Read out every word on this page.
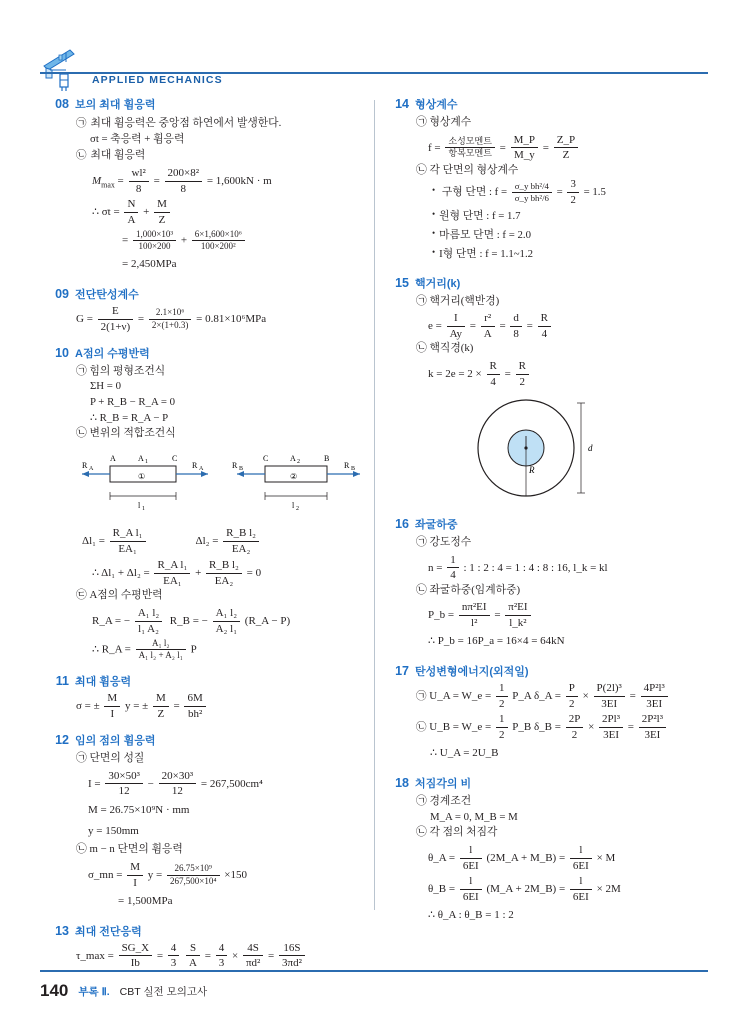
APPLIED MECHANICS
08 보의 최대 휨응력
㉠ 최대 휨응력은 중앙점 하연에서 발생한다.
σt = 축응력 + 휨응력
㉡ 최대 휨응력
$M_{max} = \frac{\text{wl²}}{8} = \frac{\text{200×8²}}{8} = 1,600kN \cdot m$
∴ $\sigma t = \frac{N}{A} + \frac{M}{Z}$
= $\frac{\text{1,000×10³}}{100\times 200} + \frac{\text{6×1,600×10⁶}}{\text{100×200²}}$
= 2,450MPa
09 전단탄성계수
$G = \frac{E}{2(1+\nu)} = \frac{\text{2.1×10⁶}}{2\times(1+0.3)} = 0.81\times 10^6MPa$
10 A점의 수평반력
㉠ 힘의 평형조건식
ΣH = 0
P + R_B − R_A = 0
∴ R_B = R_A − P
㉡ 변위의 적합조건식
R A
A	A 1	C
R A
①
l 1
R B
C	A 2	B
R B
②
l 2
$\Delta l_1 = \frac{\text{R\_A l₁}}{\text{EA₁}}$	$\Delta l_2 = \frac{\text{R\_B l₂}}{\text{EA₂}}$
∴ $\Delta l_1 + \Delta l_2 = \frac{\text{R\_A l₁}}{\text{EA₁}} + \frac{\text{R\_B l₂}}{\text{EA₂}} = 0$
㉢ A점의 수평반력
R_A = − $\frac{\text{A₁ l₂}}{\text{l₁ A₂}}$ R_B = − $\frac{\text{A₁ l₂}}{\text{A₂ l₁}}$ (R_A − P)
∴ R_A = $\frac{\text{A₁ l₂}}{\text{A₁ l₂ + A₂ l₁}}$ P
11 최대 휨응력
σ = ± $\frac{M}{I}$ y = ± $\frac{M}{Z} = \frac{6M}{\text{bh²}}$
12 임의 점의 휨응력
㉠ 단면의 성질
$I = \frac{\text{30×50³}}{12} - \frac{\text{20×30³}}{12} = 267,500cm^4$
M = 26.75×10⁹N · mm
y = 150mm
㉡ m − n 단면의 휨응력
σ_mn = $\frac{M}{I}$ $y = \frac{\text{26.75×10⁹}}{\text{267,500×10⁴}} \times 150$
= 1,500MPa
13 최대 전단응력
τ_max = $\frac{SG\_X}{Ib} = \frac{4}{3}$
$\frac{S}{A} = \frac{4}{3} \times \frac{4S}{\text{πd²}} = \frac{16S}{\text{3πd²}}$
14 형상계수
㉠ 형상계수
$f = \frac{\text{소성모멘트}}{\text{항복모멘트}} = \frac{M\_P}{M\_y} = \frac{Z\_P}{Z}$
㉡ 각 단면의 형상계수
• 구형 단면 : $f = \frac{\text{σ\_y bh²/4}}{\text{σ\_y bh²/6}} = \frac{3}{2} = 1.5$
• 원형 단면 : f = 1.7
• 마름모 단면 : f = 2.0
• I형 단면 : f = 1.1~1.2
15 핵거리(k)
㉠ 핵거리(핵반경)
$e = \frac{I}{Ay} = \frac{\text{r²}}{A} = \frac{d}{8} = \frac{R}{4}$
㉡ 핵직경(k)
$k = 2e = 2 \times \frac{R}{4} = \frac{R}{2}$
R
d
16 좌굴하중
㉠ 강도정수
$n = \frac{1}{4}$ : 1 : 2 : 4 = 1 : 4 : 8 : 16, l_k = kl
㉡ 좌굴하중(임계하중)
P_b = $\frac{\text{nπ²EI}}{\text{l²}} = \frac{\text{π²EI}}{\text{l\_k²}}$
∴ P_b = 16P_a = 16×4 = 64kN
17 탄성변형에너지(외적일)
㉠ U_A = W_e = $\frac{1}{2}$ P_A δ_A = $\frac{P}{2} \times \frac{\text{P(2l)³}}{3EI} = \frac{\text{4P²l³}}{3EI}$
㉡ U_B = W_e = $\frac{1}{2}$ P_B δ_B = $\frac{2P}{2} \times \frac{\text{2Pl³}}{3EI} = \frac{\text{2P²l³}}{3EI}$
∴ U_A = 2U_B
18 처짐각의 비
㉠ 경계조건
M_A = 0, M_B = M
㉡ 각 점의 처짐각
θ_A = $\frac{l}{6EI}$ (2M_A + M_B) = $\frac{l}{6EI} \times M$
θ_B = $\frac{l}{6EI}$ (M_A + 2M_B) = $\frac{l}{6EI} \times 2M$
∴ θ_A : θ_B = 1 : 2
140 부록 Ⅱ. CBT 실전 모의고사
